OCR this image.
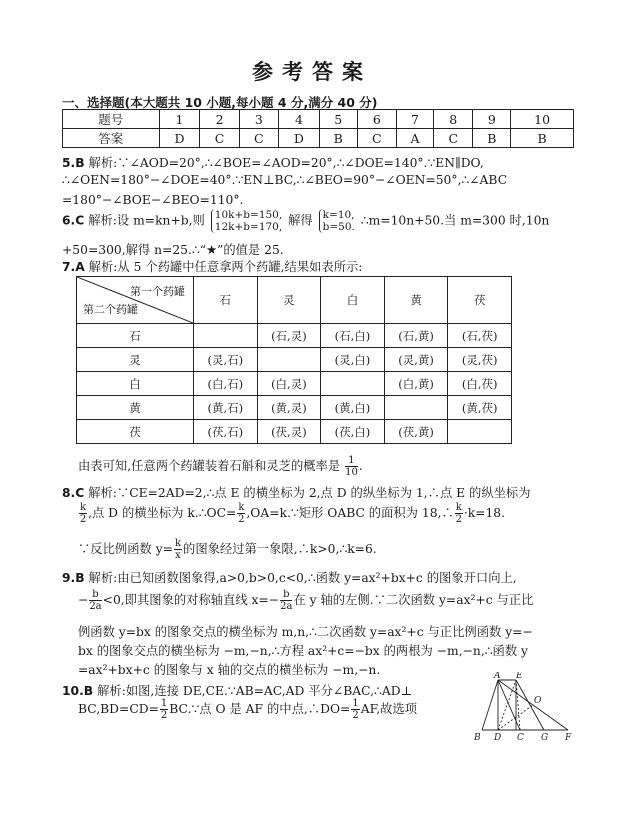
参考答案
一、选择题(本大题共 10 小题,每小题 4 分,满分 40 分)
题号	1	2	3	4	5	6	7	8	9	10
答案	D	C	C	D	B	C	A	C	B	B
5.B 解析:∵∠AOD=20°,∴∠BOE=∠AOD=20°,∴∠DOE=140°.∵EN∥DO,
∴∠OEN=180°−∠DOE=40°.∵EN⊥BC,∴∠BEO=90°−∠OEN=50°,∴∠ABC
=180°−∠BOE−∠BEO=110°.
6.C 解析:设 m=kn+b,则 10k+b=150,
12k+b=170, 解得 k=10,
b=50. ∴m=10n+50.当 m=300 时,10n
+50=300,解得 n=25.∴“★”的值是 25.
7.A 解析:从 5 个药罐中任意拿两个药罐,结果如表所示:
第一个药罐
第二个药罐	石	灵	白	黄	茯
石		(石,灵)	(石,白)	(石,黄)	(石,茯)
灵	(灵,石)		(灵,白)	(灵,黄)	(灵,茯)
白	(白,石)	(白,灵)		(白,黄)	(白,茯)
黄	(黄,石)	(黄,灵)	(黄,白)		(黄,茯)
茯	(茯,石)	(茯,灵)	(茯,白)	(茯,黄)	
由表可知,任意两个药罐装着石斛和灵芝的概率是 $\frac{1}{10}$ .
8.C 解析:∵CE=2AD=2,∴点 E 的横坐标为 2,点 D 的纵坐标为 1,∴点 E 的纵坐标为
$\frac{k}{2}$ ,点 D 的横坐标为 k.∴OC= $\frac{k}{2}$ ,OA=k.∵矩形 OABC 的面积为 18,∴ $\frac{k}{2} \cdot k=18$.
∵反比例函数 $y= \frac{k}{x}$ 的图象经过第一象限,∴k>0,∴k=6.
9.B 解析:由已知函数图象得,a>0,b>0,c<0,∴函数 y=ax²+bx+c 的图象开口向上,
− $\frac{b}{2a} <0$,即其图象的对称轴直线 $x=- \frac{b}{2a}$ 在 y 轴的左侧.∵二次函数 y=ax²+c 与正比
例函数 y=bx 的图象交点的横坐标为 m,n,∴二次函数 y=ax²+c 与正比例函数 y=−
bx 的图象交点的横坐标为 −m,−n,∴方程 ax²+c=−bx 的两根为 −m,−n,∴函数 y
=ax²+bx+c 的图象与 x 轴的交点的横坐标为 −m,−n.
10.B 解析:如图,连接 DE,CE.∵AB=AC,AD 平分∠BAC,∴AD⊥
$BC,BD=CD= \frac{1}{2}$ BC.∵点 O 是 AF 的中点,∴DO= $\frac{1}{2}$ AF,故选项
A E
O
B D C G F
